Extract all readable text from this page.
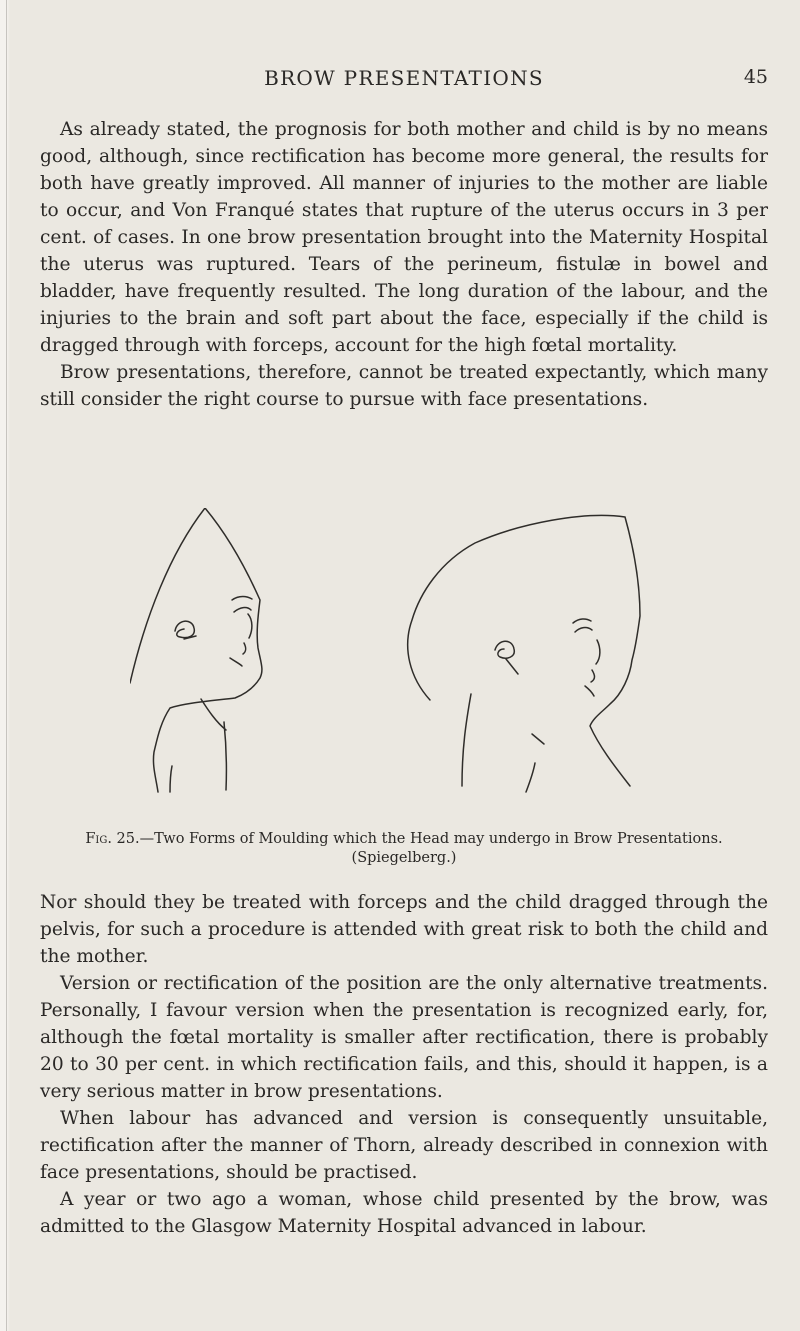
BROW PRESENTATIONS	45

As already stated, the prognosis for both mother and child is by no means good, although, since rectification has become more general, the results for both have greatly improved. All manner of injuries to the mother are liable to occur, and Von Franqué states that rupture of the uterus occurs in 3 per cent. of cases. In one brow presentation brought into the Maternity Hospital the uterus was ruptured. Tears of the perineum, fistulæ in bowel and bladder, have frequently resulted. The long duration of the labour, and the injuries to the brain and soft part about the face, especially if the child is dragged through with forceps, account for the high fœtal mortality.

Brow presentations, therefore, cannot be treated expectantly, which many still consider the right course to pursue with face presentations.

Fig. 25.—Two Forms of Moulding which the Head may undergo in Brow Presentations.
(Spiegelberg.)

Nor should they be treated with forceps and the child dragged through the pelvis, for such a procedure is attended with great risk to both the child and the mother.

Version or rectification of the position are the only alternative treatments. Personally, I favour version when the presentation is recognized early, for, although the fœtal mortality is smaller after rectification, there is probably 20 to 30 per cent. in which rectification fails, and this, should it happen, is a very serious matter in brow presentations.

When labour has advanced and version is consequently unsuitable, rectification after the manner of Thorn, already described in connexion with face presentations, should be practised.

A year or two ago a woman, whose child presented by the brow, was admitted to the Glasgow Maternity Hospital advanced in labour.
